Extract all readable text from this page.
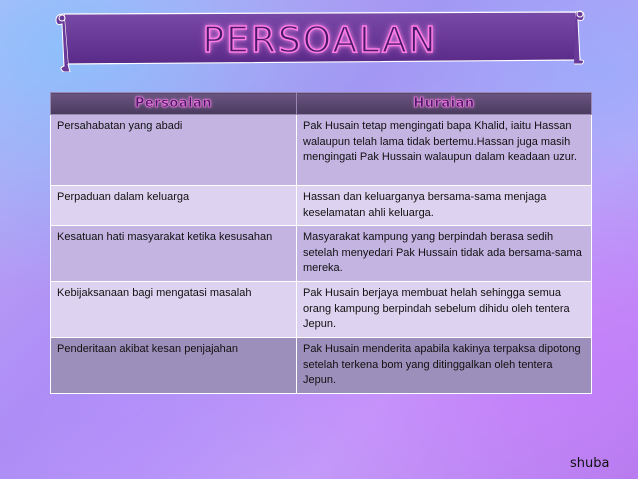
PERSOALAN
Persoalan	Huraian
Persahabatan yang abadi	Pak Husain tetap mengingati bapa Khalid, iaitu Hassan walaupun telah lama tidak bertemu.Hassan juga masih mengingati Pak Hussain walaupun dalam keadaan uzur.
Perpaduan dalam keluarga	Hassan dan keluarganya bersama-sama menjaga keselamatan ahli keluarga.
Kesatuan hati masyarakat ketika kesusahan	Masyarakat kampung yang berpindah berasa sedih setelah menyedari Pak Hussain tidak ada bersama-sama mereka.
Kebijaksanaan bagi mengatasi masalah	Pak Husain berjaya membuat helah sehingga semua orang kampung berpindah sebelum dihidu oleh tentera Jepun.
Penderitaan akibat kesan penjajahan	Pak Husain menderita apabila kakinya terpaksa dipotong setelah terkena bom yang ditinggalkan oleh tentera Jepun.
shuba
